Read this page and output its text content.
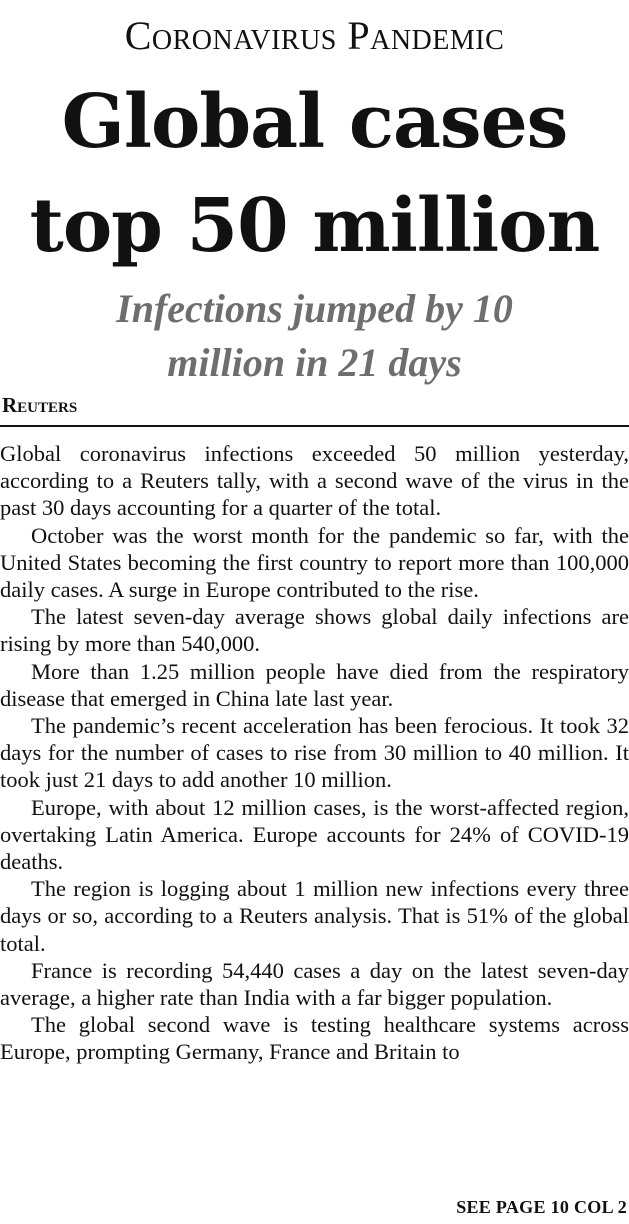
Coronavirus Pandemic
Global cases
top 50 million
Infections jumped by 10
million in 21 days
Reuters

Global coronavirus infections exceeded 50 million yesterday, according to a Reuters tally, with a second wave of the virus in the past 30 days accounting for a quarter of the total.

October was the worst month for the pandemic so far, with the United States becoming the first country to report more than 100,000 daily cases. A surge in Europe contributed to the rise.

The latest seven-day average shows global daily infections are rising by more than 540,000.

More than 1.25 million people have died from the respiratory disease that emerged in China late last year.

The pandemic’s recent acceleration has been ferocious. It took 32 days for the number of cases to rise from 30 million to 40 million. It took just 21 days to add another 10 million.

Europe, with about 12 million cases, is the worst-affected region, overtaking Latin America. Europe accounts for 24% of COVID-19 deaths.

The region is logging about 1 million new infections every three days or so, according to a Reuters analysis. That is 51% of the global total.

France is recording 54,440 cases a day on the latest seven-day average, a higher rate than India with a far bigger population.

The global second wave is testing healthcare systems across Europe, prompting Germany, France and Britain to

SEE PAGE 10 COL 2
